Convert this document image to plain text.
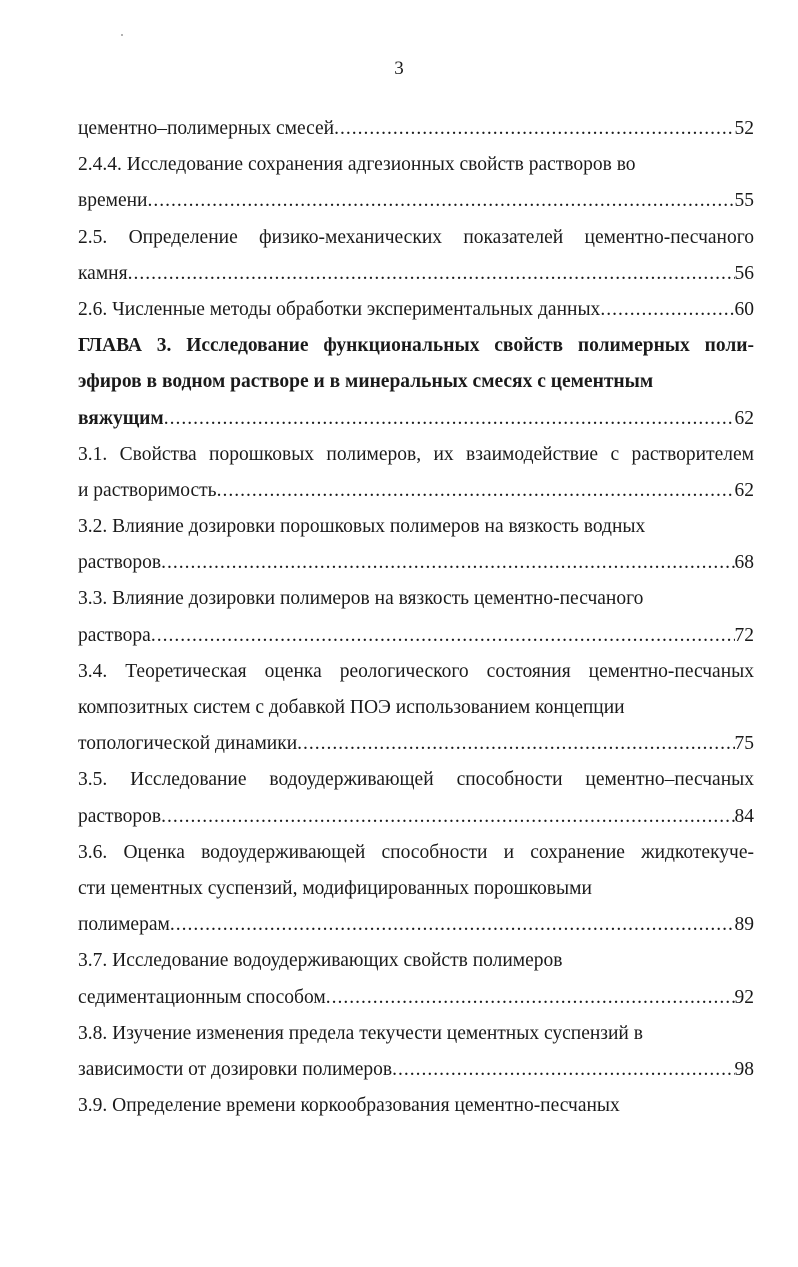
3
цементно–полимерных смесей .....	52
2.4.4. Исследование сохранения адгезионных свойств растворов во
времени .....	55
2.5. Определение физико-механических показателей цементно-песчаного
камня .....	56
2.6. Численные методы обработки экспериментальных данных .....	60
ГЛАВА 3. Исследование функциональных свойств полимерных поли-
эфиров в водном растворе и в минеральных смесях с цементным
вяжущим .....	62
3.1. Свойства порошковых полимеров, их взаимодействие с растворителем
и растворимость .....	62
3.2. Влияние дозировки порошковых полимеров на вязкость водных
растворов .....	68
3.3. Влияние дозировки полимеров на вязкость цементно-песчаного
раствора .....	72
3.4. Теоретическая оценка реологического состояния цементно-песчаных
композитных систем с добавкой ПОЭ использованием концепции
топологической динамики .....	75
3.5. Исследование водоудерживающей способности цементно–песчаных
растворов .....	84
3.6. Оценка водоудерживающей способности и сохранение жидкотекуче-
сти цементных суспензий, модифицированных порошковыми
полимерам .....	89
3.7. Исследование водоудерживающих свойств полимеров
седиментационным способом .....	92
3.8. Изучение изменения предела текучести цементных суспензий в
зависимости от дозировки полимеров .....	98
3.9. Определение времени коркообразования цементно-песчаных
